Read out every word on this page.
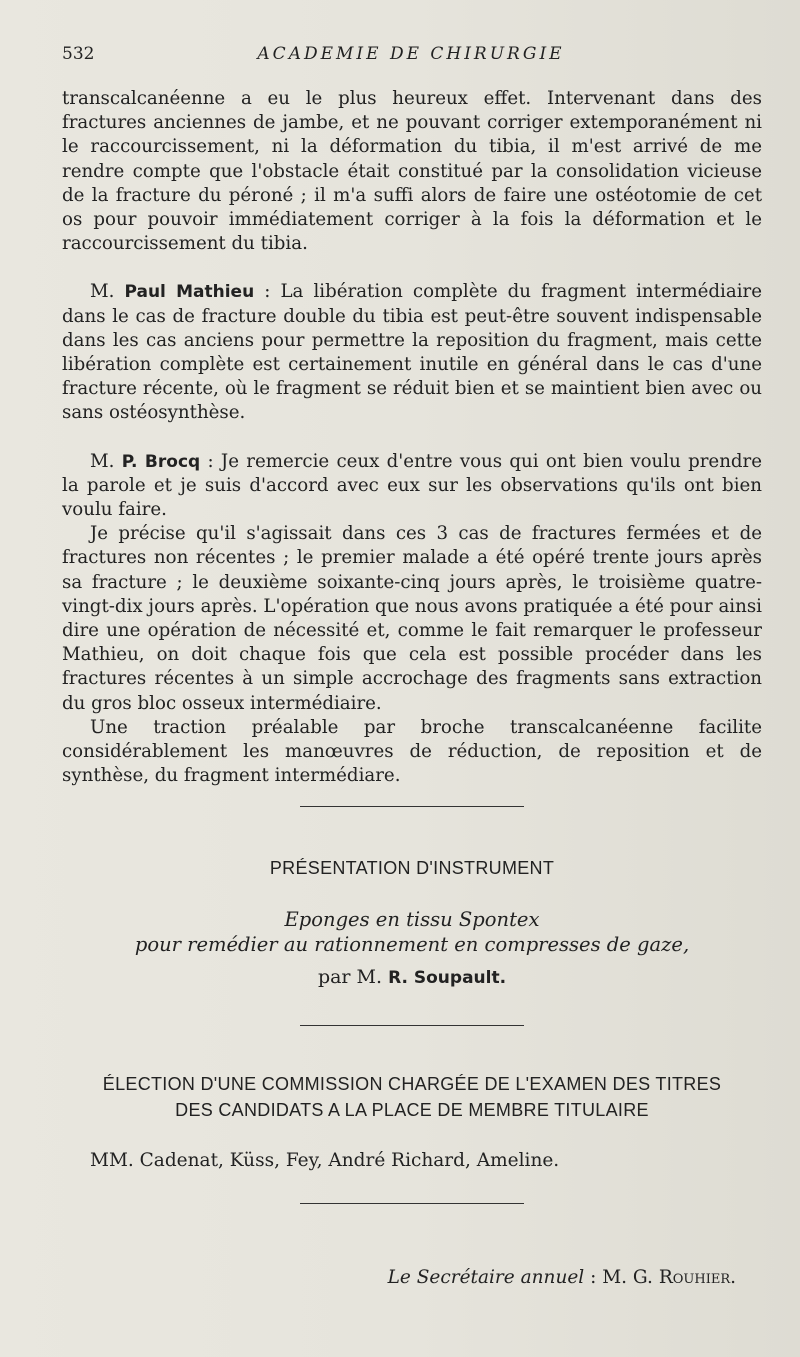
532	ACADEMIE DE CHIRURGIE

transcalcanéenne a eu le plus heureux effet. Intervenant dans des fractures anciennes de jambe, et ne pouvant corriger extemporanément ni le raccourcissement, ni la déformation du tibia, il m'est arrivé de me rendre compte que l'obstacle était constitué par la consolidation vicieuse de la fracture du péroné ; il m'a suffi alors de faire une ostéotomie de cet os pour pouvoir immédiatement corriger à la fois la déformation et le raccourcissement du tibia.

M. Paul Mathieu : La libération complète du fragment intermédiaire dans le cas de fracture double du tibia est peut-être souvent indispensable dans les cas anciens pour permettre la reposition du fragment, mais cette libération complète est certainement inutile en général dans le cas d'une fracture récente, où le fragment se réduit bien et se maintient bien avec ou sans ostéosynthèse.

M. P. Brocq : Je remercie ceux d'entre vous qui ont bien voulu prendre la parole et je suis d'accord avec eux sur les observations qu'ils ont bien voulu faire.

Je précise qu'il s'agissait dans ces 3 cas de fractures fermées et de fractures non récentes ; le premier malade a été opéré trente jours après sa fracture ; le deuxième soixante-cinq jours après, le troisième quatre-vingt-dix jours après. L'opération que nous avons pratiquée a été pour ainsi dire une opération de nécessité et, comme le fait remarquer le professeur Mathieu, on doit chaque fois que cela est possible procéder dans les fractures récentes à un simple accrochage des fragments sans extraction du gros bloc osseux intermédiaire.

Une traction préalable par broche transcalcanéenne facilite considérablement les manœuvres de réduction, de reposition et de synthèse, du fragment intermédiare.

PRÉSENTATION D'INSTRUMENT
Eponges en tissu Spontex
pour remédier au rationnement en compresses de gaze,
par M. R. Soupault.
ÉLECTION D'UNE COMMISSION CHARGÉE DE L'EXAMEN DES TITRES
DES CANDIDATS A LA PLACE DE MEMBRE TITULAIRE
MM. Cadenat, Küss, Fey, André Richard, Ameline.
Le Secrétaire annuel : M. G. Rouhier.
